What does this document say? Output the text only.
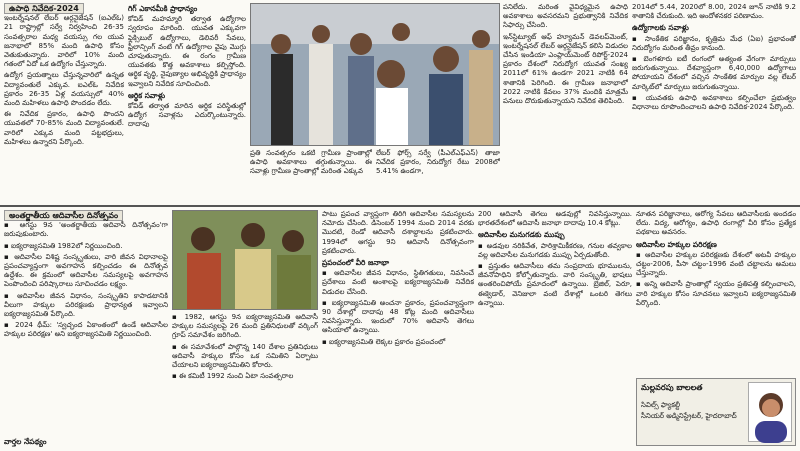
ఉపాధి నివేదిక-2024

ఇంటర్నేషనల్ లేబర్ ఆర్గనైజేషన్ (ఐఎల్‌ఓ) 21 రాష్ట్రాల్లో సర్వే నిర్వహించి 26-35 సంవత్సరాల మధ్య వయస్సు గల యువ జనాభాలో 85% మంది ఉపాధి కోసం వెతుకుతున్నారు. వారిలో 10% మంది గతంలో ఏదో ఒక ఉద్యోగం చేస్తున్నారు.

ఉద్యోగ ప్రయత్నాలు చేస్తున్నవారిలో ఉన్నత విద్యావంతులే ఎక్కువ. ఐఎల్‌ఓ నివేదిక ప్రకారం 26-35 ఏళ్ల వయస్సులో 40% మంది మహిళలు ఉపాధి పొందడం లేదు.

ఈ నివేదిక ప్రకారం, ఉపాధి పొందని యువతలో 70-85% మంది విద్యావంతులే. వారిలో ఎక్కువ మంది పట్టభద్రులు, మహిళలు ఉన్నారని పేర్కొంది.

గిగ్ ఎకానమీకి ప్రాధాన్యం

కోవిడ్ మహమ్మారి తర్వాత ఉద్యోగాల స్వరూపం మారింది. యువత ఎక్కువగా ఫ్లెక్సిబుల్ ఉద్యోగాలు, డెలివరీ సేవలు, ఫ్రీలాన్సింగ్ వంటి గిగ్ ఉద్యోగాల వైపు మొగ్గు చూపుతున్నారు. ఈ రంగం గ్రామీణ యువతకు కొత్త అవకాశాలు కల్పిస్తోంది. ఆర్థిక వృద్ధి, నైపుణ్యాల అభివృద్ధికి ప్రాధాన్యం ఇవ్వాలని నివేదిక సూచించింది.

ఆర్థిక సవాళ్లు

కోవిడ్ తర్వాత మారిన ఆర్థిక పరిస్థితుల్లో ఉద్యోగ సవాళ్లను ఎదుర్కొంటున్నారు. దాదాపు

ప్రతి సంవత్సరం ఒకటి గ్రామీణ ప్రాంతాల్లో ఉపాధి అవకాశాలు తగ్గుతున్నాయి. ఈ సవాళ్లు గ్రామీణ ప్రాంతాల్లో మరింత ఎక్కువ

లేబర్ ఫోర్స్ సర్వే (పీఎల్‌ఎఫ్‌ఎస్) తాజా నివేదిక ప్రకారం, నిరుద్యోగ రేటు 2008లో 5.41% ఉండగా,

2014లో 5.44, 2020లో 8.00, 2024 జూన్ నాటికి 9.2 శాతానికి చేరుకుంది. ఇది ఆందోళనకర పరిణామం.

ఉద్యోగాలకు సవాళ్లు

▪ సాంకేతిక పరిజ్ఞానం, కృత్రిమ మేధ (ఏఐ) ప్రభావంతో నిరుద్యోగం మరింత తీవ్రం కానుంది.

▪ బెంగళూరు ఐటీ రంగంలో అత్యంత వేగంగా మార్పులు జరుగుతున్నాయి. దేశవ్యాప్తంగా 6,40,000 ఉద్యోగాలు పోయాయని దేశంలో వచ్చిన సాంకేతిక మార్పుల వల్ల లేబర్ మార్కెట్‌లో మార్పులు జరుగుతున్నాయి.

▪ యువతకు ఉపాధి అవకాశాలు కల్పించేలా ప్రభుత్వం విధానాలు రూపొందించాలని ఉపాధి నివేదిక-2024 పేర్కొంది.

పనిలేదు. మరింత వైవిధ్యమైన ఉపాధి అవకాశాలు అవసరమని ప్రభుత్వానికి నివేదిక సిఫార్సు చేసింది.

ఇన్‌స్టిట్యూట్ ఆఫ్ హ్యూమన్ డెవలప్‌మెంట్, ఇంటర్నేషనల్ లేబర్ ఆర్గనైజేషన్ కలిసి విడుదల చేసిన ఇండియా ఎంప్లాయ్‌మెంట్ రిపోర్ట్-2024 ప్రకారం దేశంలో నిరుద్యోగ యువత సంఖ్య 2011లో 61% ఉండగా 2021 నాటికి 64 శాతానికి పెరిగింది. ఈ గ్రామీణ జనాభాలో 2022 నాటికి కేవలం 37% మందికి మాత్రమే పనులు దొరుకుతున్నాయని నివేదిక తెలిపింది.

అంతర్జాతీయ ఆదివాసీల దినోత్సవం

▪ ఆగస్టు 9న 'అంతర్జాతీయ ఆదివాసీ దినోత్సవం'గా జరుపుకుంటారు.

▪ ఐక్యరాజ్యసమితి 1982లో నిర్ణయించింది.

▪ ఆదివాసీల విశిష్ట సంస్కృతులు, వారి జీవన విధానాలపై ప్రపంచవ్యాప్తంగా అవగాహన కల్పించడం ఈ దినోత్సవ ఉద్దేశం. ఈ క్రమంలో ఆదివాసీల సమస్యలపై అవగాహన పెంపొందించి పరిష్కారాలు సూచించడం లక్ష్యం.

▪ ఆదివాసీల జీవన విధానం, సంస్కృతిని కాపాడటానికి వీలుగా హక్కుల పరిరక్షణకు ప్రాధాన్యత ఇవ్వాలని ఐక్యరాజ్యసమితి పేర్కొంది.

▪ 2024 థీమ్: 'స్వచ్ఛంద ఏకాంతంలో ఉండే ఆదివాసీల హక్కుల పరిరక్షణ' అని ఐక్యరాజ్యసమితి నిర్ణయించింది.

వార్తల నేపథ్యం

▪ 1982, ఆగస్టు 9న ఐక్యరాజ్యసమితి ఆదివాసీ హక్కుల సమస్యలపై 26 మంది ప్రతినిధులతో వర్కింగ్ గ్రూప్ సమావేశం జరిగింది.

▪ ఈ సమావేశంలో పాల్గొన్న 140 దేశాల ప్రతినిధులు ఆదివాసీ హక్కుల కోసం ఒక సమితిని ఏర్పాటు చేయాలని ఐక్యరాజ్యసమితిని కోరారు.

▪ ఈ కమిటీ 1992 నుంచి ఏటా సంవత్సరాల

పాటు ప్రపంచ వ్యాప్తంగా తిరిగి ఆదివాసీల సమస్యలను నమోదు చేసింది. డిసెంబర్ 1994 నుంచి 2014 వరకు మొదటి, రెండో ఆదివాసీ దశాబ్దాలను ప్రకటించారు. 1994లో ఆగస్టు 9ని ఆదివాసీ దినోత్సవంగా ప్రకటించారు.

ప్రపంచంలో వీరి జనాభా

▪ ఆదివాసీల జీవన విధానం, స్థితిగతులు, నివసించే ప్రదేశాలు వంటి అంశాలపై ఐక్యరాజ్యసమితి నివేదిక విడుదల చేసింది.

▪ ఐక్యరాజ్యసమితి అంచనా ప్రకారం, ప్రపంచవ్యాప్తంగా 90 దేశాల్లో దాదాపు 48 కోట్ల మంది ఆదివాసీలు నివసిస్తున్నారు. ఇందులో 70% ఆదివాసీ తెగలు ఆసియాలో ఉన్నాయి.

▪ ఐక్యరాజ్యసమితి లెక్కల ప్రకారం ప్రపంచంలో

200 ఆదివాసీ తెగలు అడవుల్లో నివసిస్తున్నాయి. భారతదేశంలో ఆదివాసీ జనాభా దాదాపు 10.4 కోట్లు.

ఆదివాసీల మనుగడకు ముప్పు

▪ అడవుల నరికివేత, పారిశ్రామికీకరణ, గనుల తవ్వకాల వల్ల ఆదివాసీల మనుగడకు ముప్పు ఏర్పడుతోంది.

▪ ప్రస్తుతం ఆదివాసీలు తమ సంప్రదాయ భూములను, జీవనోపాధిని కోల్పోతున్నారు. వారి సంస్కృతి, భాషలు అంతరించిపోయే ప్రమాదంలో ఉన్నాయి. బ్రెజిల్, పెరూ, ఈక్వెడార్, వెనిజులా వంటి దేశాల్లో ఒంటరి తెగలు ఉన్నాయి.

నూతన పరిజ్ఞానాలు, ఆరోగ్య సేవలు ఆదివాసీలకు అందడం లేదు. విద్య, ఆరోగ్యం, ఉపాధి రంగాల్లో వీరి కోసం ప్రత్యేక పథకాలు అవసరం.

ఆదివాసీల హక్కుల పరిరక్షణ

▪ ఆదివాసీల హక్కుల పరిరక్షణకు దేశంలో అటవీ హక్కుల చట్టం-2006, పీసా చట్టం-1996 వంటి చట్టాలను అమలు చేస్తున్నారు.

▪ అన్ని ఆదివాసీ ప్రాంతాల్లో స్వయం ప్రతిపత్తి కల్పించాలని, వారి హక్కుల కోసం సూచనలు ఇవ్వాలని ఐక్యరాజ్యసమితి పేర్కొంది.

మల్లవరపు బాలలత
సివిల్స్ ఫ్యాకల్టీ
సీనియర్ అడ్మినిస్ట్రేటర్, హైదరాబాద్
